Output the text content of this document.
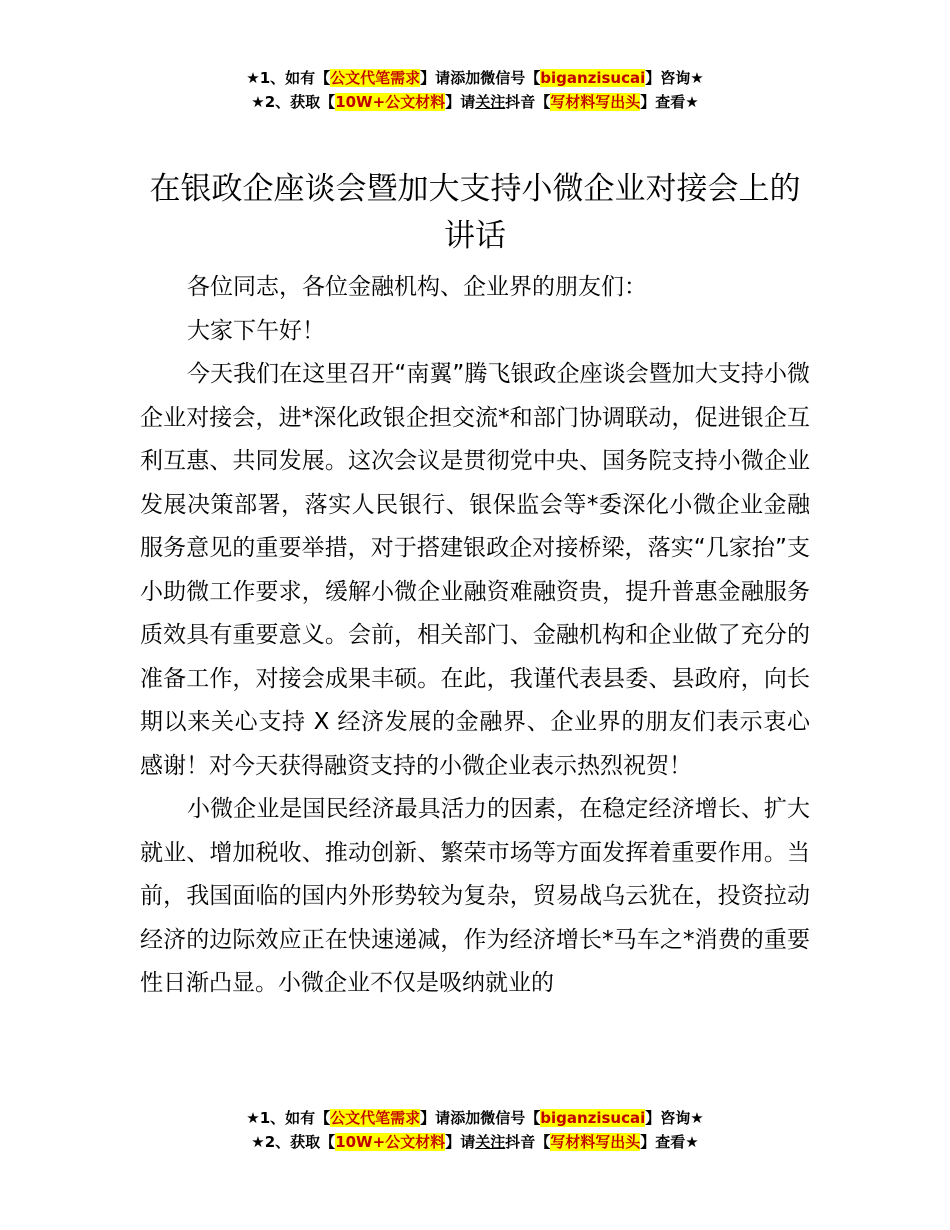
★1、如有【公文代笔需求】请添加微信号【biganzisucai】咨询★
★2、获取【10W+公文材料】请关注抖音【写材料写出头】查看★
在银政企座谈会暨加大支持小微企业对接会上的讲话

各位同志，各位金融机构、企业界的朋友们：

大家下午好！

今天我们在这里召开“南翼”腾飞银政企座谈会暨加大支持小微企业对接会，进*深化政银企担交流*和部门协调联动，促进银企互利互惠、共同发展。这次会议是贯彻党中央、国务院支持小微企业发展决策部署，落实人民银行、银保监会等*委深化小微企业金融服务意见的重要举措，对于搭建银政企对接桥梁，落实“几家抬”支小助微工作要求，缓解小微企业融资难融资贵，提升普惠金融服务质效具有重要意义。会前，相关部门、金融机构和企业做了充分的准备工作，对接会成果丰硕。在此，我谨代表县委、县政府，向长期以来关心支持 X 经济发展的金融界、企业界的朋友们表示衷心感谢！对今天获得融资支持的小微企业表示热烈祝贺！

小微企业是国民经济最具活力的因素，在稳定经济增长、扩大就业、增加税收、推动创新、繁荣市场等方面发挥着重要作用。当前，我国面临的国内外形势较为复杂，贸易战乌云犹在，投资拉动经济的边际效应正在快速递减，作为经济增长*马车之*消费的重要性日渐凸显。小微企业不仅是吸纳就业的

★1、如有【公文代笔需求】请添加微信号【biganzisucai】咨询★
★2、获取【10W+公文材料】请关注抖音【写材料写出头】查看★
